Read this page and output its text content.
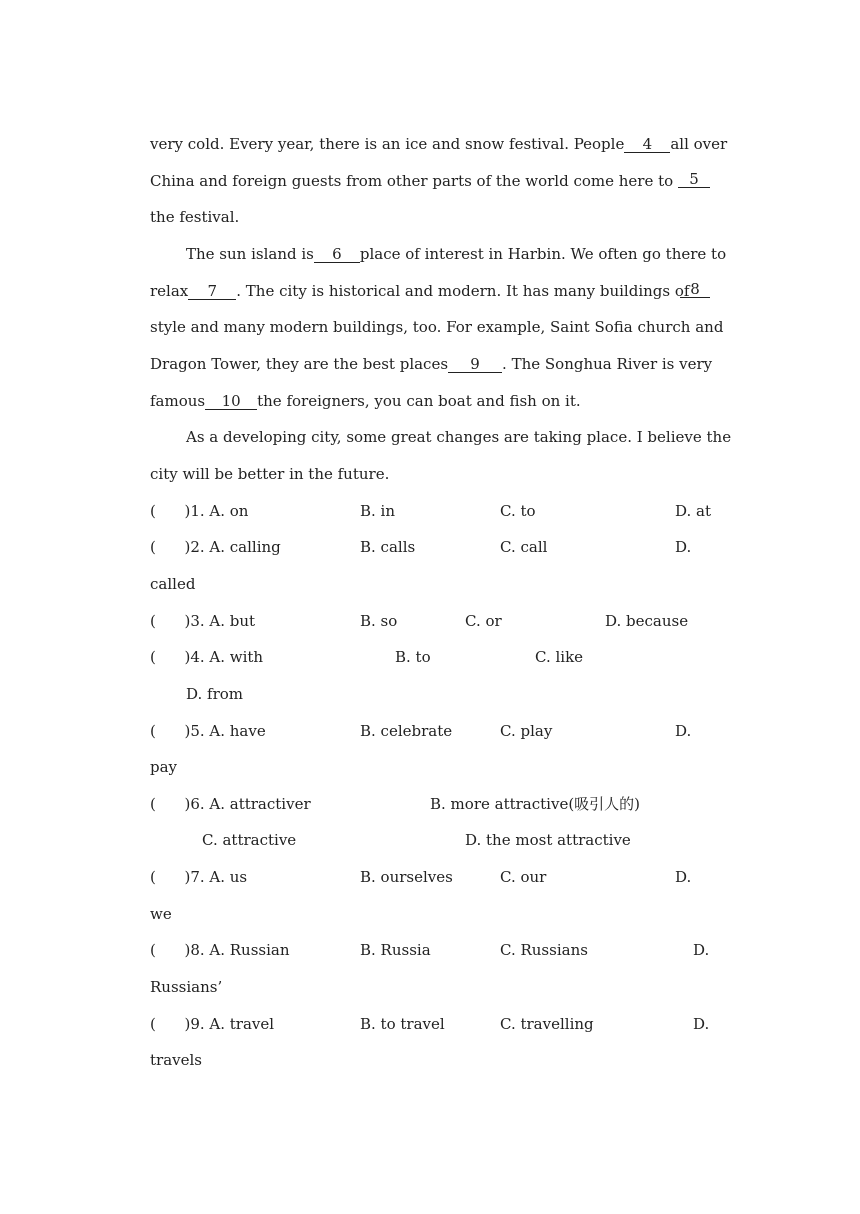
very cold. Every year, there is an ice and snow festival. People 4 all over
China and foreign guests from other parts of the world come here to	5
the festival.
The sun island is 6 place of interest in Harbin. We often go there to
relax 7 . The city is historical and modern. It has many buildings of 8
style and many modern buildings, too. For example, Saint Sofia church and
Dragon Tower, they are the best places 9 . The Songhua River is very
famous 10 the foreigners, you can boat and fish on it.
As a developing city, some great changes are taking place. I believe the
city will be better in the future.
(      )1. A. on	B. in	C. to	D. at
(      )2. A. calling	B. calls	C. call	D.
called
(      )3. A. but	B. so	C. or	D. because
(      )4. A. with	B. to	C. like
D. from
(      )5. A. have	B. celebrate	C. play	D.
pay
(      )6. A. attractiver	B. more attractive(吸引人的)
C. attractive	D. the most attractive
(      )7. A. us	B. ourselves	C. our	D.
we
(      )8. A. Russian	B. Russia	C. Russians	D.
Russians’
(      )9. A. travel	B. to travel	C. travelling	D.
travels
